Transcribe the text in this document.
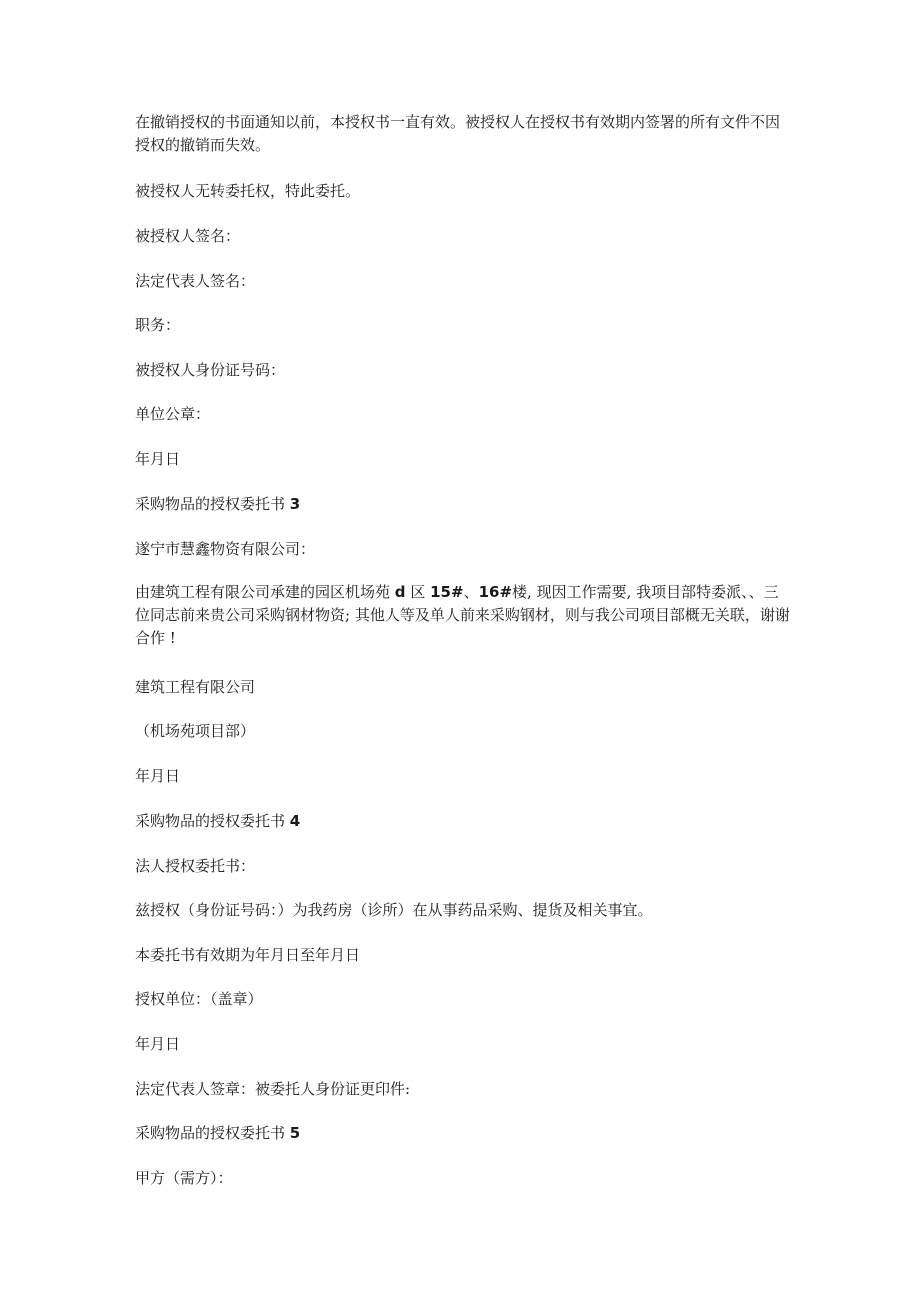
在撤销授权的书面通知以前，本授权书一直有效。被授权人在授权书有效期内签署的所有文件不因授权的撤销而失效。

被授权人无转委托权，特此委托。

被授权人签名：

法定代表人签名：

职务：

被授权人身份证号码：

单位公章：

年月日

采购物品的授权委托书 3

遂宁市慧鑫物资有限公司：

由建筑工程有限公司承建的园区机场苑 d 区 15#、16#楼, 现因工作需要, 我项目部特委派、、三位同志前来贵公司采购钢材物资; 其他人等及单人前来采购钢材，则与我公司项目部概无关联，谢谢合作 !

建筑工程有限公司

（机场苑项目部）

年月日

采购物品的授权委托书 4

法人授权委托书：

兹授权（身份证号码：）为我药房（诊所）在从事药品采购、提货及相关事宜。

本委托书有效期为年月日至年月日

授权单位：（盖章）

年月日

法定代表人签章：被委托人身份证更印件:

采购物品的授权委托书 5

甲方（需方）：
